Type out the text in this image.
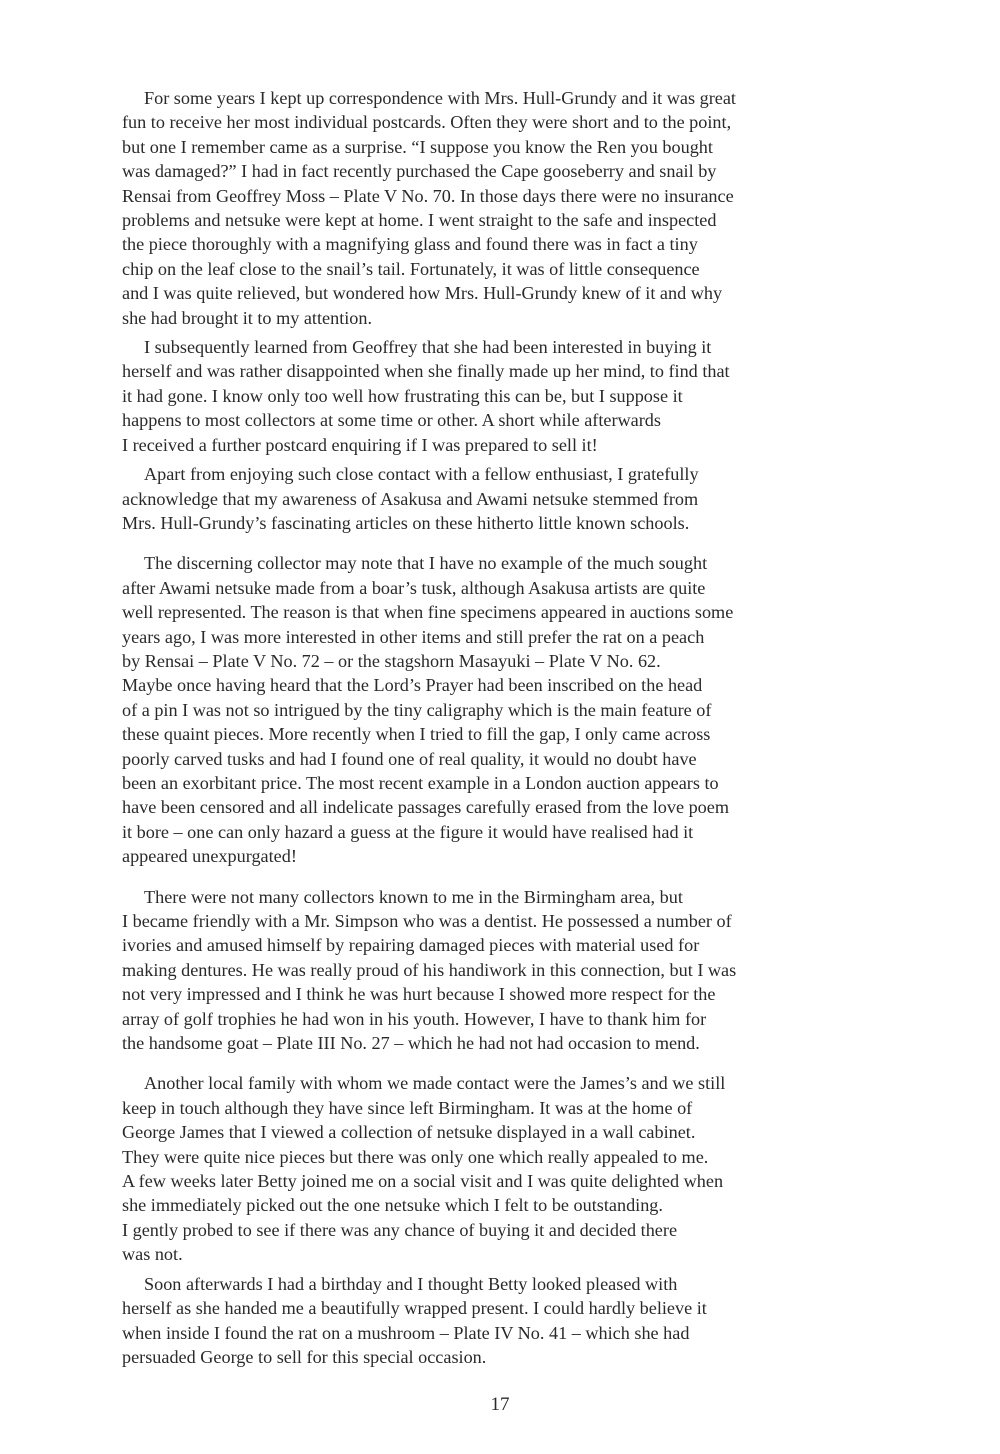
For some years I kept up correspondence with Mrs. Hull-Grundy and it was great
fun to receive her most individual postcards. Often they were short and to the point,
but one I remember came as a surprise. “I suppose you know the Ren you bought
was damaged?” I had in fact recently purchased the Cape gooseberry and snail by
Rensai from Geoffrey Moss – Plate V No. 70. In those days there were no insurance
problems and netsuke were kept at home. I went straight to the safe and inspected
the piece thoroughly with a magnifying glass and found there was in fact a tiny
chip on the leaf close to the snail’s tail. Fortunately, it was of little consequence
and I was quite relieved, but wondered how Mrs. Hull-Grundy knew of it and why
she had brought it to my attention.

I subsequently learned from Geoffrey that she had been interested in buying it
herself and was rather disappointed when she finally made up her mind, to find that
it had gone. I know only too well how frustrating this can be, but I suppose it
happens to most collectors at some time or other. A short while afterwards
I received a further postcard enquiring if I was prepared to sell it!

Apart from enjoying such close contact with a fellow enthusiast, I gratefully
acknowledge that my awareness of Asakusa and Awami netsuke stemmed from
Mrs. Hull-Grundy’s fascinating articles on these hitherto little known schools.

The discerning collector may note that I have no example of the much sought
after Awami netsuke made from a boar’s tusk, although Asakusa artists are quite
well represented. The reason is that when fine specimens appeared in auctions some
years ago, I was more interested in other items and still prefer the rat on a peach
by Rensai – Plate V No. 72 – or the stagshorn Masayuki – Plate V No. 62.
Maybe once having heard that the Lord’s Prayer had been inscribed on the head
of a pin I was not so intrigued by the tiny caligraphy which is the main feature of
these quaint pieces. More recently when I tried to fill the gap, I only came across
poorly carved tusks and had I found one of real quality, it would no doubt have
been an exorbitant price. The most recent example in a London auction appears to
have been censored and all indelicate passages carefully erased from the love poem
it bore – one can only hazard a guess at the figure it would have realised had it
appeared unexpurgated!

There were not many collectors known to me in the Birmingham area, but
I became friendly with a Mr. Simpson who was a dentist. He possessed a number of
ivories and amused himself by repairing damaged pieces with material used for
making dentures. He was really proud of his handiwork in this connection, but I was
not very impressed and I think he was hurt because I showed more respect for the
array of golf trophies he had won in his youth. However, I have to thank him for
the handsome goat – Plate III No. 27 – which he had not had occasion to mend.

Another local family with whom we made contact were the James’s and we still
keep in touch although they have since left Birmingham. It was at the home of
George James that I viewed a collection of netsuke displayed in a wall cabinet.
They were quite nice pieces but there was only one which really appealed to me.
A few weeks later Betty joined me on a social visit and I was quite delighted when
she immediately picked out the one netsuke which I felt to be outstanding.
I gently probed to see if there was any chance of buying it and decided there
was not.

Soon afterwards I had a birthday and I thought Betty looked pleased with
herself as she handed me a beautifully wrapped present. I could hardly believe it
when inside I found the rat on a mushroom – Plate IV No. 41 – which she had
persuaded George to sell for this special occasion.

17
